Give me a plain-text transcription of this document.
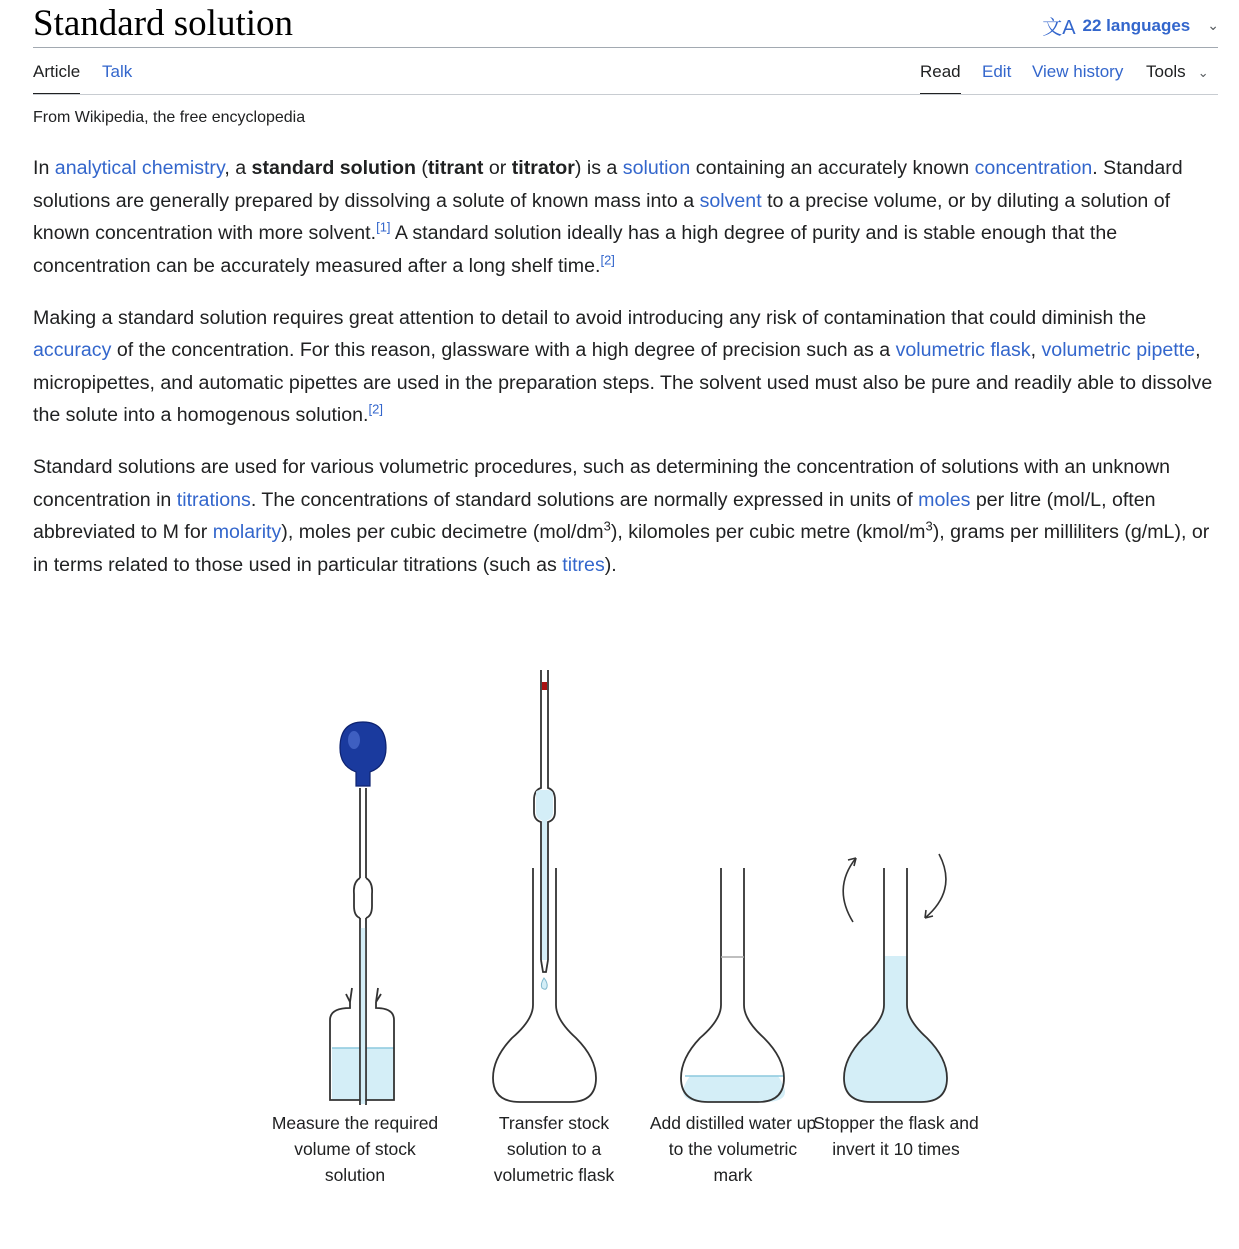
Standard solution	文A 22 languages ⌄
Article Talk	Read Edit View history Tools ⌄
From Wikipedia, the free encyclopedia

In analytical chemistry, a standard solution (titrant or titrator) is a solution containing an accurately known concentration. Standard solutions are generally prepared by dissolving a solute of known mass into a solvent to a precise volume, or by diluting a solution of known concentration with more solvent.[1] A standard solution ideally has a high degree of purity and is stable enough that the concentration can be accurately measured after a long shelf time.[2]

Making a standard solution requires great attention to detail to avoid introducing any risk of contamination that could diminish the accuracy of the concentration. For this reason, glassware with a high degree of precision such as a volumetric flask, volumetric pipette, micropipettes, and automatic pipettes are used in the preparation steps. The solvent used must also be pure and readily able to dissolve the solute into a homogenous solution.[2]

Standard solutions are used for various volumetric procedures, such as determining the concentration of solutions with an unknown concentration in titrations. The concentrations of standard solutions are normally expressed in units of moles per litre (mol/L, often abbreviated to M for molarity), moles per cubic decimetre $(mol/dm^3)$, kilomoles per cubic metre $(kmol/m^3)$, grams per milliliters (g/mL), or in terms related to those used in particular titrations (such as titres).

Measure the required volume of stock solution
Transfer stock solution to a volumetric flask
Add distilled water up to the volumetric mark
Stopper the flask and invert it 10 times
